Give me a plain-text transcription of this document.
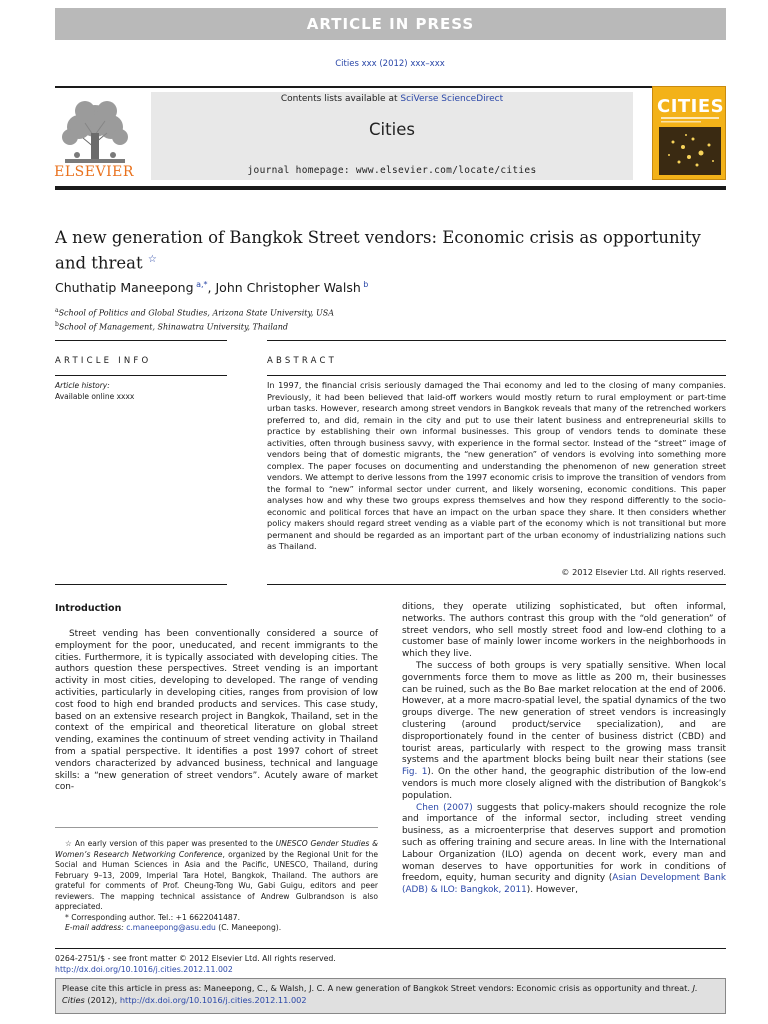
ARTICLE IN PRESS
Cities xxx (2012) xxx–xxx
ELSEVIER
Contents lists available at SciVerse ScienceDirect
Cities
journal homepage: www.elsevier.com/locate/cities
CITIES
A new generation of Bangkok Street vendors: Economic crisis as opportunity and threat ☆
Chuthatip Maneepong $^{a,*}$, John Christopher Walsh $^b$
$^a$School of Politics and Global Studies, Arizona State University, USA
$^b$School of Management, Shinawatra University, Thailand
ARTICLE INFO	ABSTRACT
Article history:
Available online xxxx
In 1997, the financial crisis seriously damaged the Thai economy and led to the closing of many companies. Previously, it had been believed that laid-off workers would mostly return to rural employment or part-time urban tasks. However, research among street vendors in Bangkok reveals that many of the retrenched workers preferred to, and did, remain in the city and put to use their latent business and entrepreneurial skills to practice by establishing their own informal businesses. This group of vendors tends to dominate these activities, often through business savvy, with experience in the formal sector. Instead of the “street” image of vendors being that of domestic migrants, the “new generation” of vendors is evolving into something more complex. The paper focuses on documenting and understanding the phenomenon of new generation street vendors. We attempt to derive lessons from the 1997 economic crisis to improve the transition of vendors from the formal to “new” informal sector under current, and likely worsening, economic conditions. This paper analyses how and why these two groups express themselves and how they respond differently to the socio-economic and political forces that have an impact on the urban space they share. It then considers whether policy makers should regard street vending as a viable part of the economy which is not transitional but more permanent and should be regarded as an important part of the urban economy of industrializing nations such as Thailand.
© 2012 Elsevier Ltd. All rights reserved.
Introduction
Street vending has been conventionally considered a source of employment for the poor, uneducated, and recent immigrants to the cities. Furthermore, it is typically associated with developing cities. The authors question these perspectives. Street vending is an important activity in most cities, developing to developed. The range of vending activities, particularly in developing cities, ranges from provision of low cost food to high end branded products and services. This case study, based on an extensive research project in Bangkok, Thailand, set in the context of the empirical and theoretical literature on global street vending, examines the continuum of street vending activity in Thailand from a spatial perspective. It identifies a post 1997 cohort of street vendors characterized by advanced business, technical and language skills: a “new generation of street vendors”. Acutely aware of market con-

ditions, they operate utilizing sophisticated, but often informal, networks. The authors contrast this group with the “old generation” of street vendors, who sell mostly street food and low-end clothing to a customer base of mainly lower income workers in the neighborhoods in which they live.

The success of both groups is very spatially sensitive. When local governments force them to move as little as 200 m, their businesses can be ruined, such as the Bo Bae market relocation at the end of 2006. However, at a more macro-spatial level, the spatial dynamics of the two groups diverge. The new generation of street vendors is increasingly clustering (around product/service specialization), and are disproportionately found in the center of business district (CBD) and tourist areas, particularly with respect to the growing mass transit systems and the apartment blocks being built near their stations (see Fig. 1). On the other hand, the geographic distribution of the low-end vendors is much more closely aligned with the distribution of Bangkok’s population.

Chen (2007) suggests that policy-makers should recognize the role and importance of the informal sector, including street vending business, as a microenterprise that deserves support and promotion such as offering training and secure areas. In line with the International Labour Organization (ILO) agenda on decent work, every man and woman deserves to have opportunities for work in conditions of freedom, equity, human security and dignity (Asian Development Bank (ADB) & ILO: Bangkok, 2011). However,

☆ An early version of this paper was presented to the UNESCO Gender Studies & Women’s Research Networking Conference, organized by the Regional Unit for the Social and Human Sciences in Asia and the Pacific, UNESCO, Thailand, during February 9–13, 2009, Imperial Tara Hotel, Bangkok, Thailand. The authors are grateful for comments of Prof. Cheung-Tong Wu, Gabi Guigu, editors and peer reviewers. The mapping technical assistance of Andrew Gulbrandson is also appreciated.
* Corresponding author. Tel.: +1 6622041487.
E-mail address: c.maneepong@asu.edu (C. Maneepong).
0264-2751/$ - see front matter © 2012 Elsevier Ltd. All rights reserved.
http://dx.doi.org/10.1016/j.cities.2012.11.002
Please cite this article in press as: Maneepong, C., & Walsh, J. C. A new generation of Bangkok Street vendors: Economic crisis as opportunity and threat. J. Cities (2012), http://dx.doi.org/10.1016/j.cities.2012.11.002
